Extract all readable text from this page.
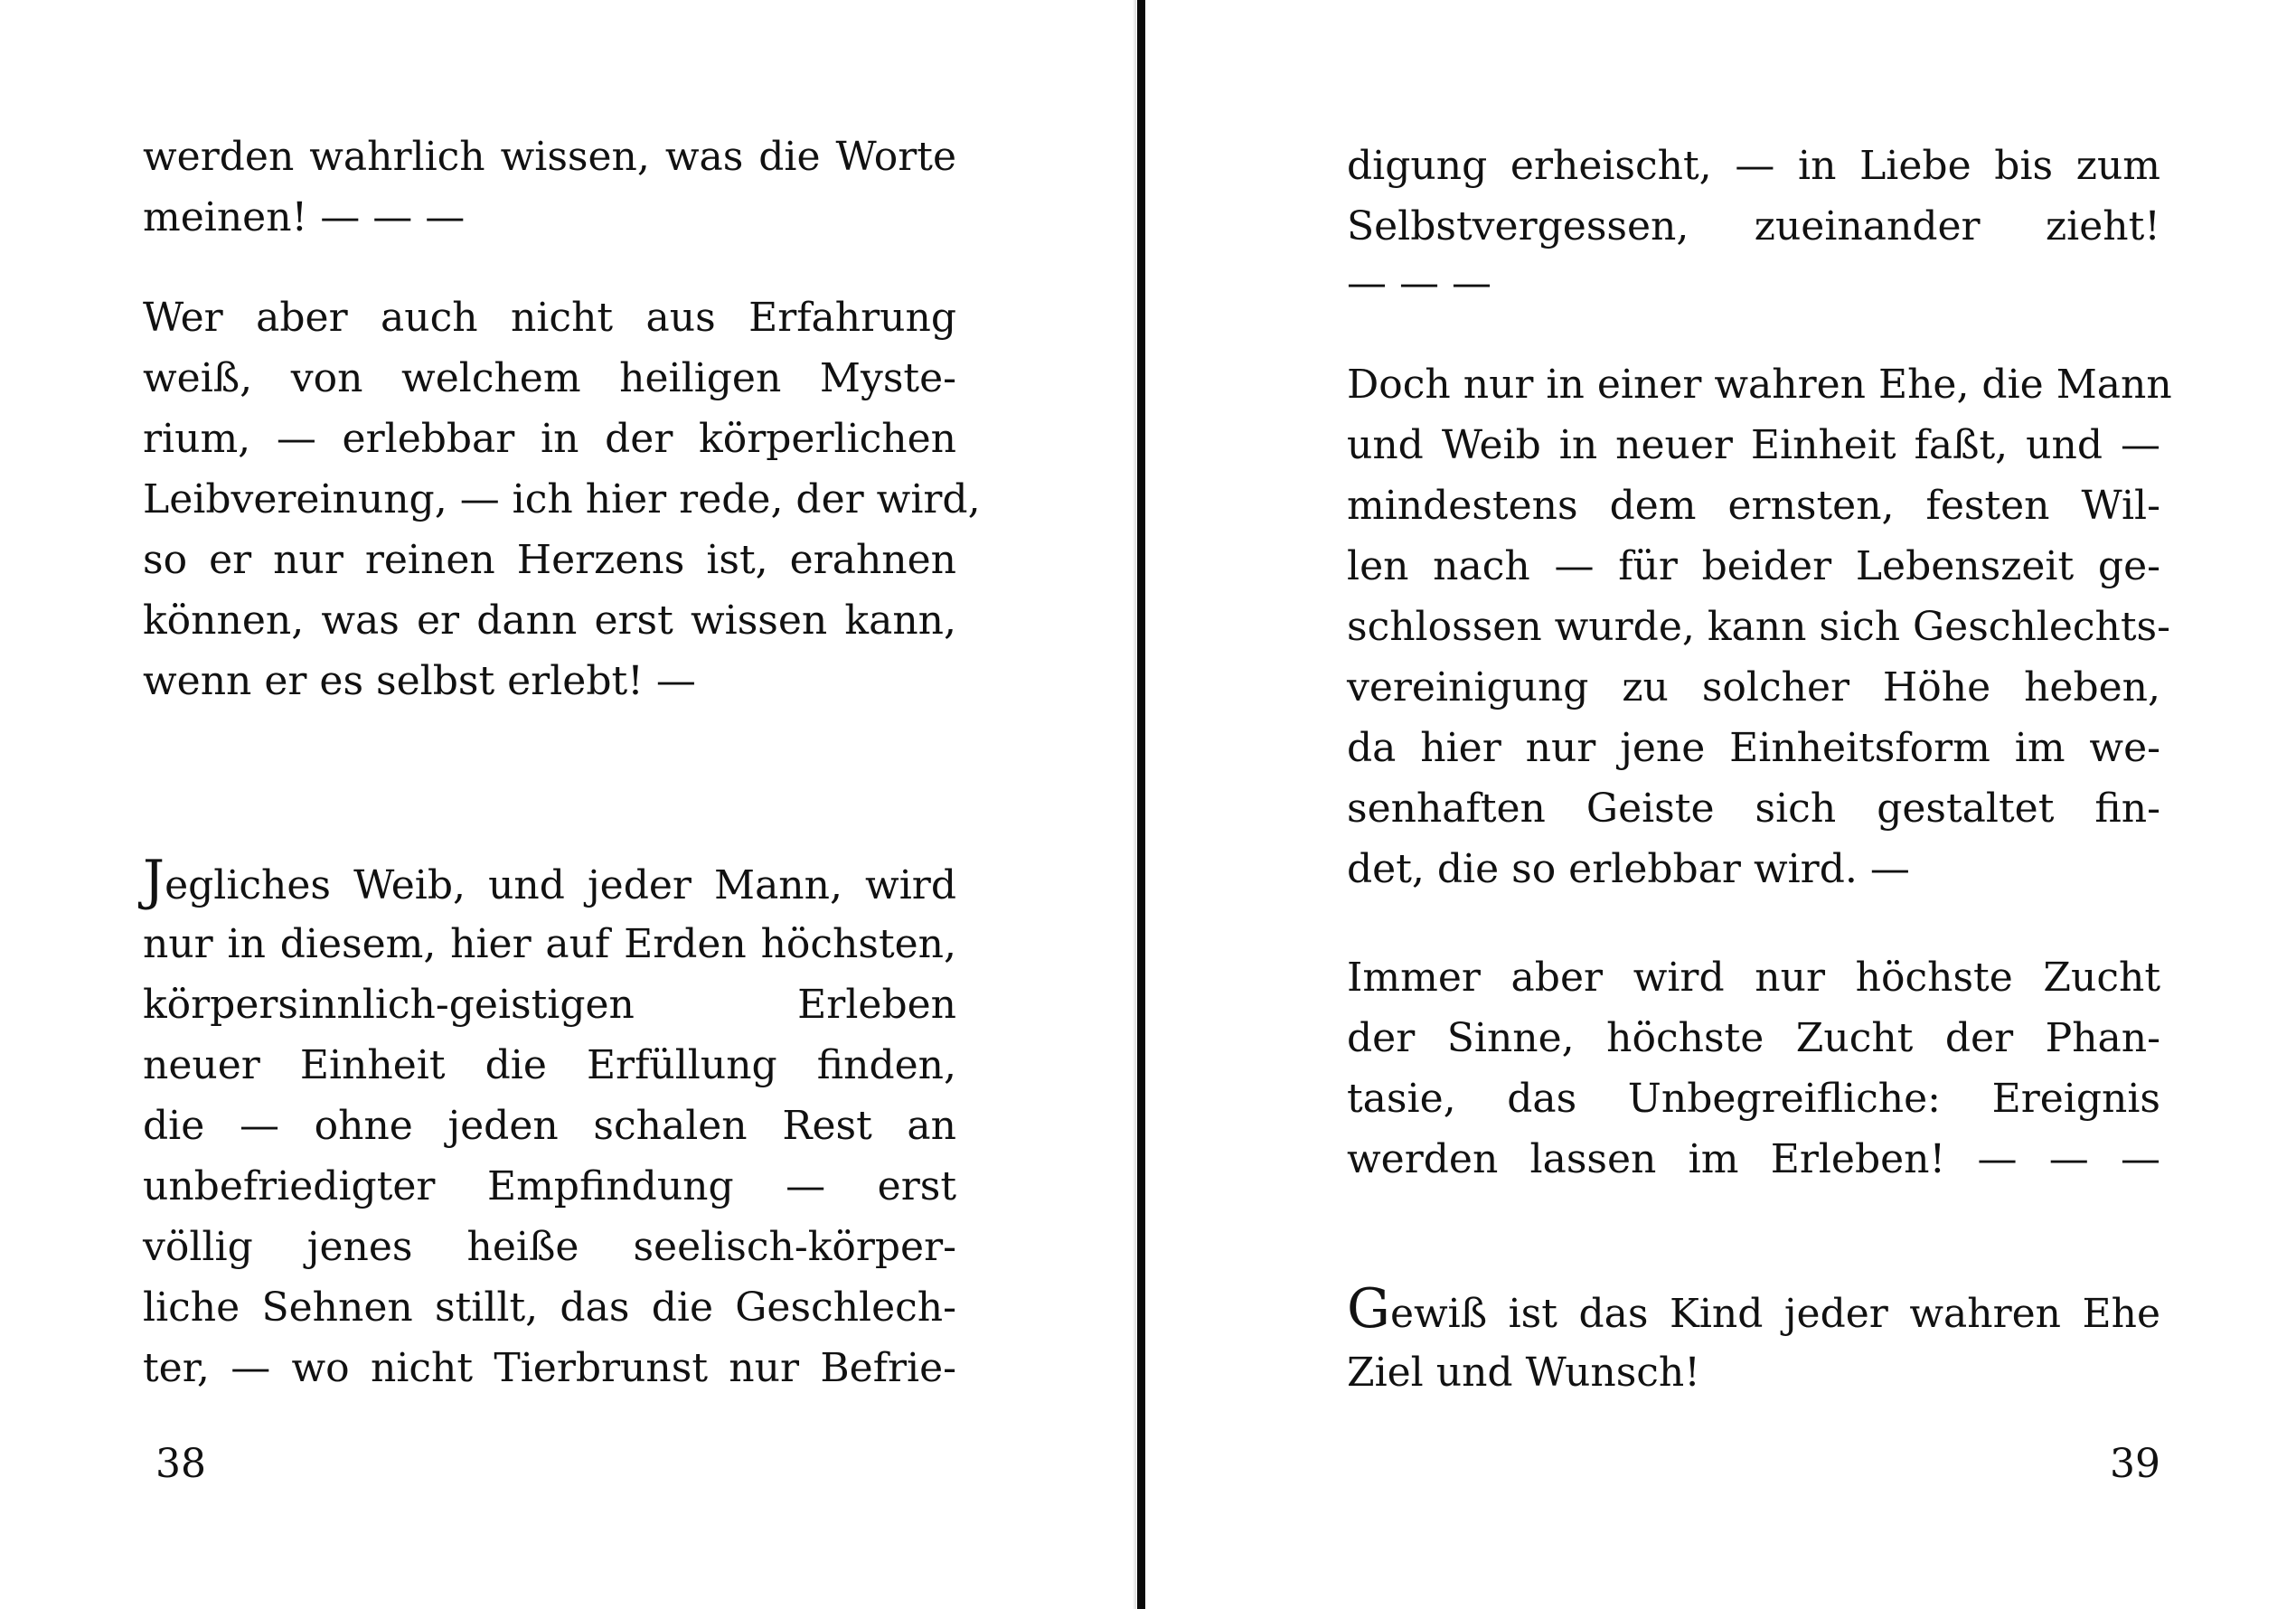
werden wahrlich wissen, was die Worte
meinen! — — —
Wer aber auch nicht aus Erfahrung
weiß, von welchem heiligen Myste-
rium, — erlebbar in der körperlichen
Leibvereinung, — ich hier rede, der wird,
so er nur reinen Herzens ist, erahnen
können, was er dann erst wissen kann,
wenn er es selbst erlebt! —
Jegliches Weib, und jeder Mann, wird
nur in diesem, hier auf Erden höchsten,
körpersinnlich-geistigen Erleben
neuer Einheit die Erfüllung finden,
die — ohne jeden schalen Rest an
unbefriedigter Empfindung — erst
völlig jenes heiße seelisch-körper-
liche Sehnen stillt, das die Geschlech-
ter, — wo nicht Tierbrunst nur Befrie-
38
digung erheischt, — in Liebe bis zum
Selbstvergessen, zueinander zieht!
— — —
Doch nur in einer wahren Ehe, die Mann
und Weib in neuer Einheit faßt, und —
mindestens dem ernsten, festen Wil-
len nach — für beider Lebenszeit ge-
schlossen wurde, kann sich Geschlechts-
vereinigung zu solcher Höhe heben,
da hier nur jene Einheitsform im we-
senhaften Geiste sich gestaltet fin-
det, die so erlebbar wird. —
Immer aber wird nur höchste Zucht
der Sinne, höchste Zucht der Phan-
tasie, das Unbegreifliche: Ereignis
werden lassen im Erleben! — — —
Gewiß ist das Kind jeder wahren Ehe
Ziel und Wunsch!
39
